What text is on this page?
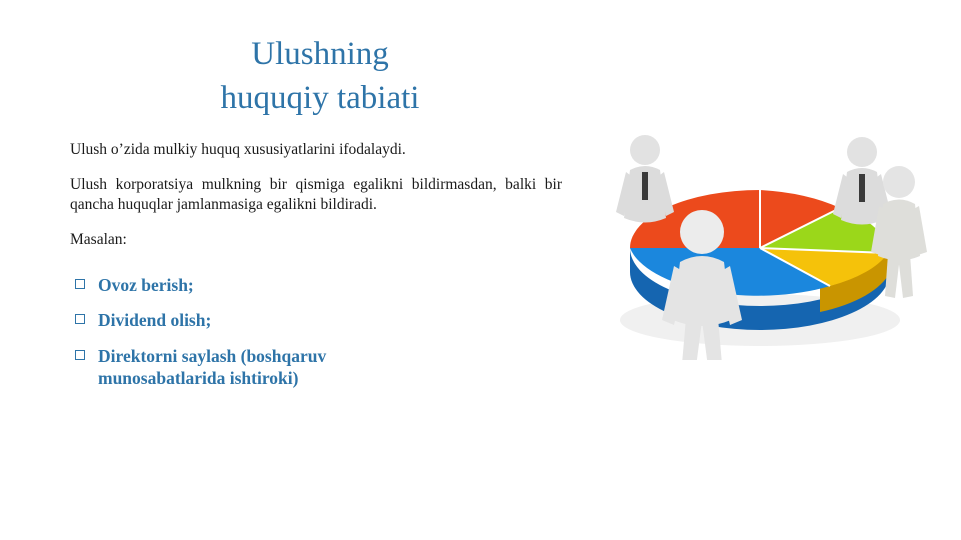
Ulushning
huquqiy tabiati

Ulush o’zida mulkiy huquq xususiyatlarini ifodalaydi.

Ulush korporatsiya mulkning bir qismiga egalikni bildirmasdan, balki bir qancha huquqlar jamlanmasiga egalikni bildiradi.

Masalan:

Ovoz berish;
Dividend olish;
Direktorni saylash (boshqaruv
munosabatlarida ishtiroki)
